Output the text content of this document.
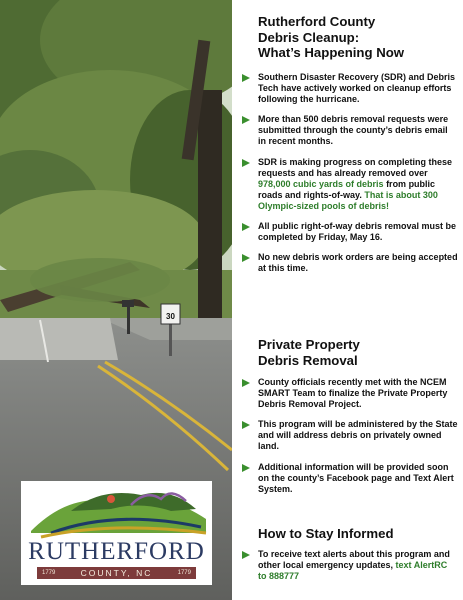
30
RUTHERFORD
1779	COUNTY, NC	1779

Rutherford County

Debris Cleanup:

What’s Happening Now

Southern Disaster Recovery (SDR) and Debris Tech have actively worked on cleanup efforts following the hurricane.
More than 500 debris removal requests were submitted through the county’s debris email in recent months.
SDR is making progress on completing these requests and has already removed over 978,000 cubic yards of debris from public roads and rights-of-way. That is about 300 Olympic-sized pools of debris!
All public right-of-way debris removal must be completed by Friday, May 16.
No new debris work orders are being accepted at this time.

Private Property

Debris Removal

County officials recently met with the NCEM SMART Team to finalize the Private Property Debris Removal Project.
This program will be administered by the State and will address debris on privately owned land.
Additional information will be provided soon on the county’s Facebook page and Text Alert System.

How to Stay Informed

To receive text alerts about this program and other local emergency updates, text AlertRC to 888777
